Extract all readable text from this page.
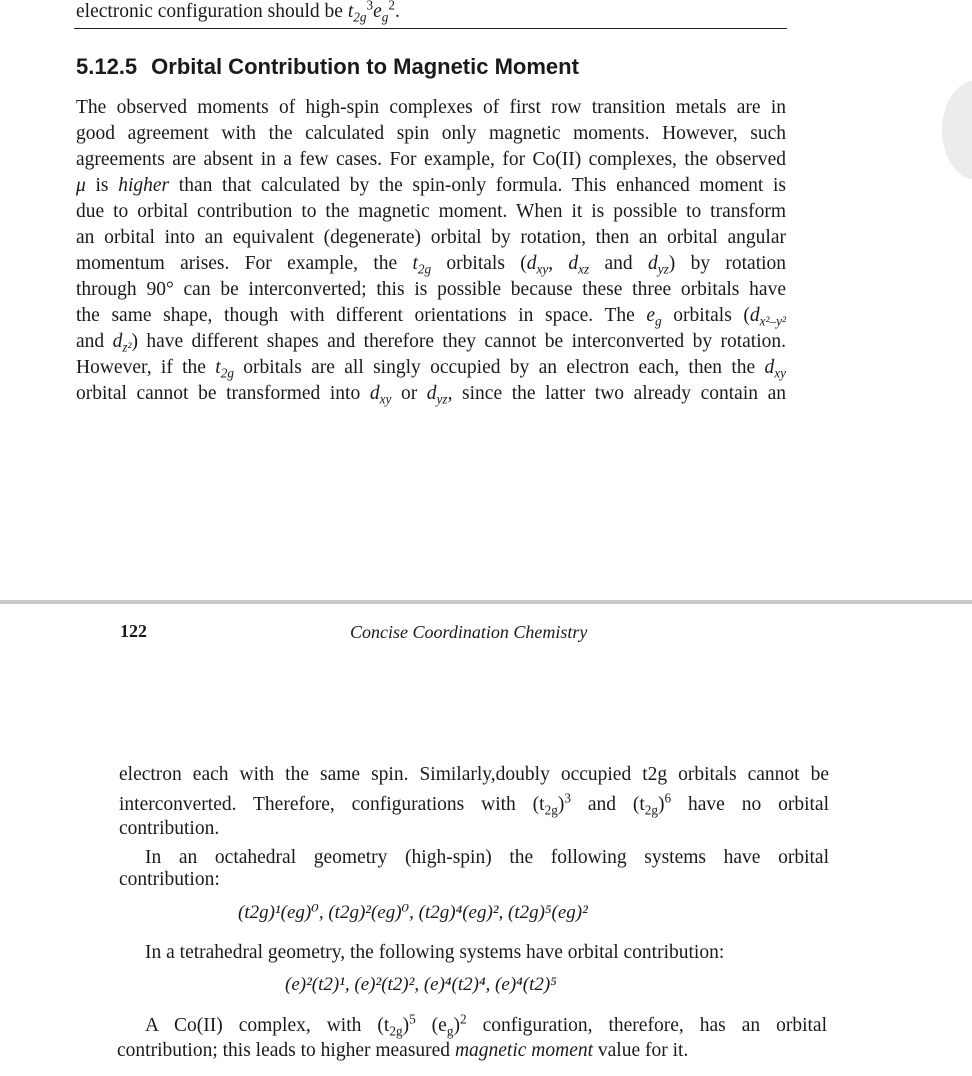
electronic configuration should be $t_{2g}^3e_g^2$.
5.12.5 Orbital Contribution to Magnetic Moment
The observed moments of high-spin complexes of first row transition metals are in
good agreement with the calculated spin only magnetic moments. However, such
agreements are absent in a few cases. For example, for Co(II) complexes, the observed
μ is higher than that calculated by the spin-only formula. This enhanced moment is
due to orbital contribution to the magnetic moment. When it is possible to transform
an orbital into an equivalent (degenerate) orbital by rotation, then an orbital angular
momentum arises. For example, the $t_{2g}$ orbitals ($d_{xy}$, $d_{xz}$ and $d_{yz}$) by rotation
through 90° can be interconverted; this is possible because these three orbitals have
the same shape, though with different orientations in space. The $e_g$ orbitals ($d_{x^2-y^2}$
and $d_{z^2}$) have different shapes and therefore they cannot be interconverted by rotation.
However, if the $t_{2g}$ orbitals are all singly occupied by an electron each, then the $d_{xy}$
orbital cannot be transformed into $d_{xy}$ or $d_{yz}$, since the latter two already contain an
122	Concise Coordination Chemistry
electron each with the same spin. Similarly,doubly occupied t2g orbitals cannot be
interconverted. Therefore, configurations with $(t_{2g})^3$ and $(t_{2g})^6$ have no orbital
contribution.
In an octahedral geometry (high-spin) the following systems have orbital
contribution:
(t2g)¹(eg)⁰, (t2g)²(eg)⁰, (t2g)⁴(eg)², (t2g)⁵(eg)²
In a tetrahedral geometry, the following systems have orbital contribution:
(e)²(t2)¹, (e)²(t2)², (e)⁴(t2)⁴, (e)⁴(t2)⁵
A Co(II) complex, with $(t_{2g})^5$ $(e_g)^2$ configuration, therefore, has an orbital
contribution; this leads to higher measured magnetic moment value for it.
